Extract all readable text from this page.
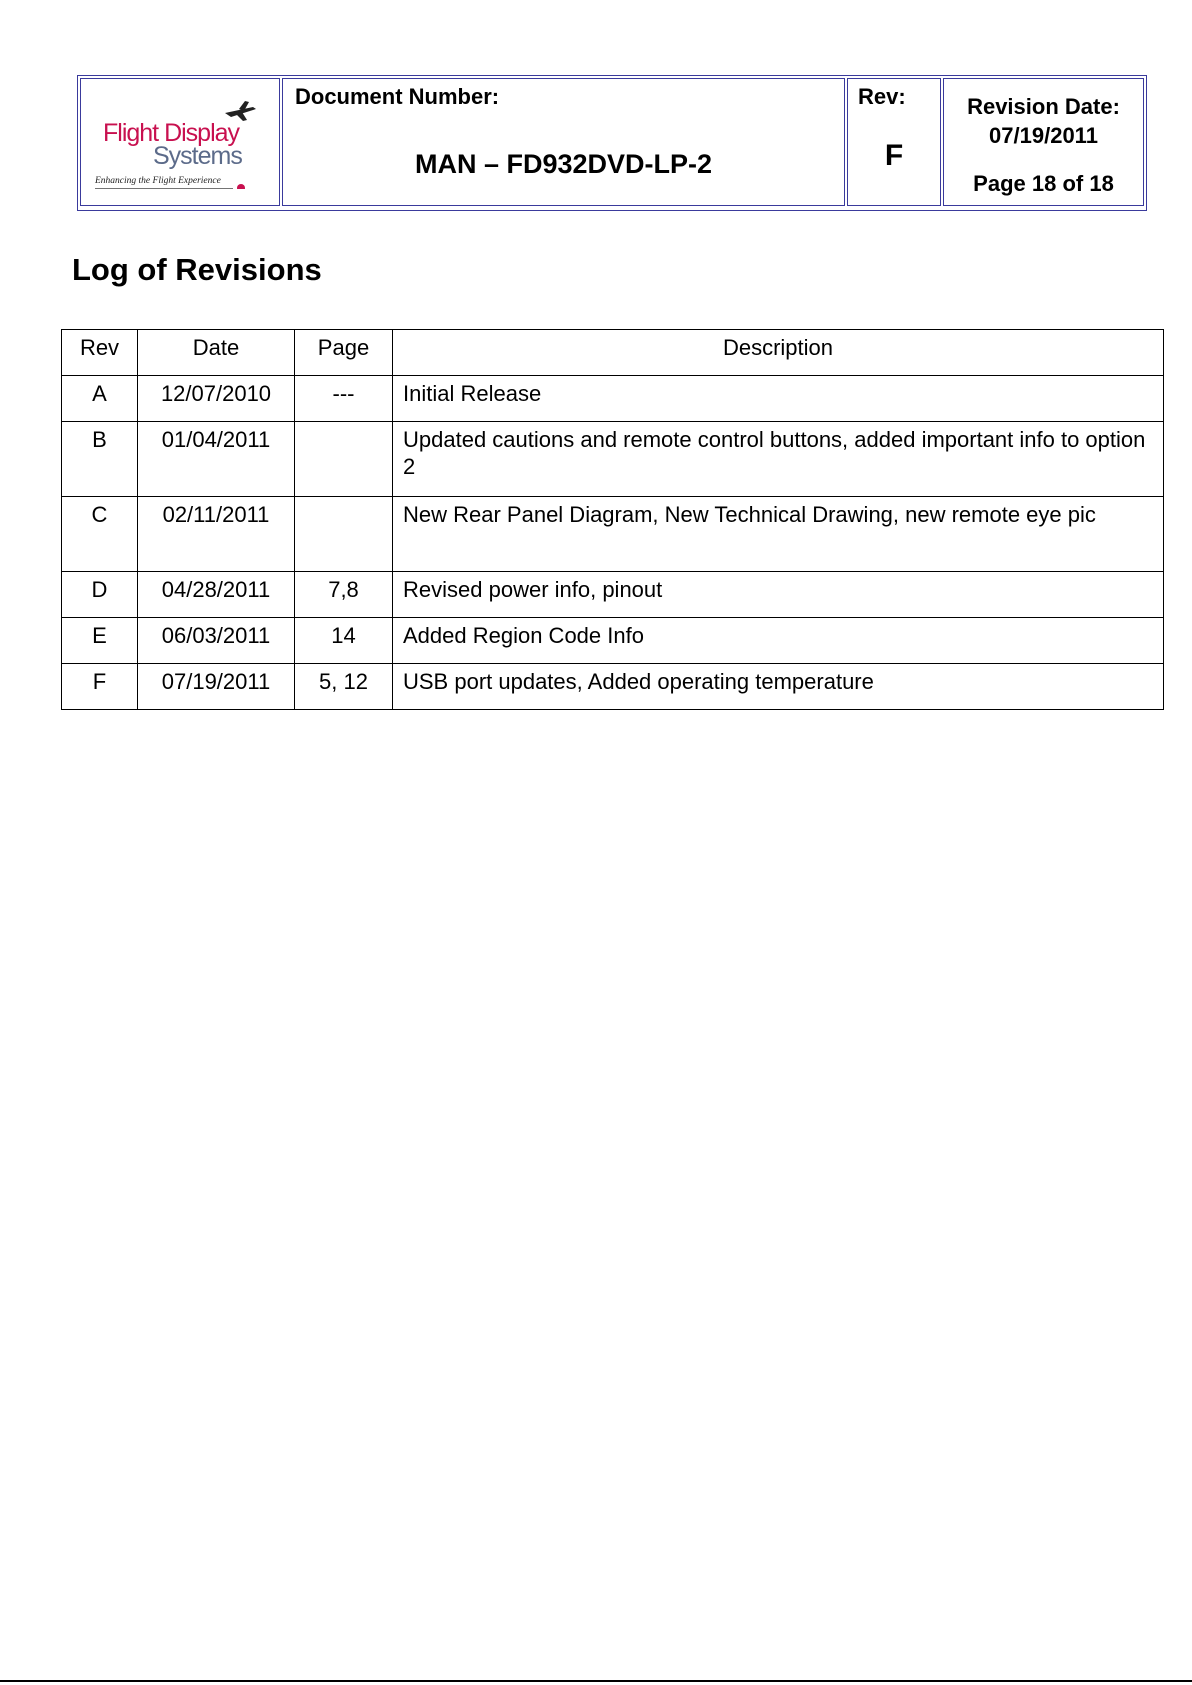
Flight Display
Systems
Enhancing the Flight Experience
Document Number:
MAN – FD932DVD-LP-2
Rev:
F
Revision Date:
07/19/2011
Page 18 of 18
Log of Revisions
Rev	Date	Page	Description
A	12/07/2010	---	Initial Release
B	01/04/2011		Updated cautions and remote control buttons, added important info to option 2
C	02/11/2011		New Rear Panel Diagram, New Technical Drawing, new remote eye pic
D	04/28/2011	7,8	Revised power info, pinout
E	06/03/2011	14	Added Region Code Info
F	07/19/2011	5, 12	USB port updates, Added operating temperature
